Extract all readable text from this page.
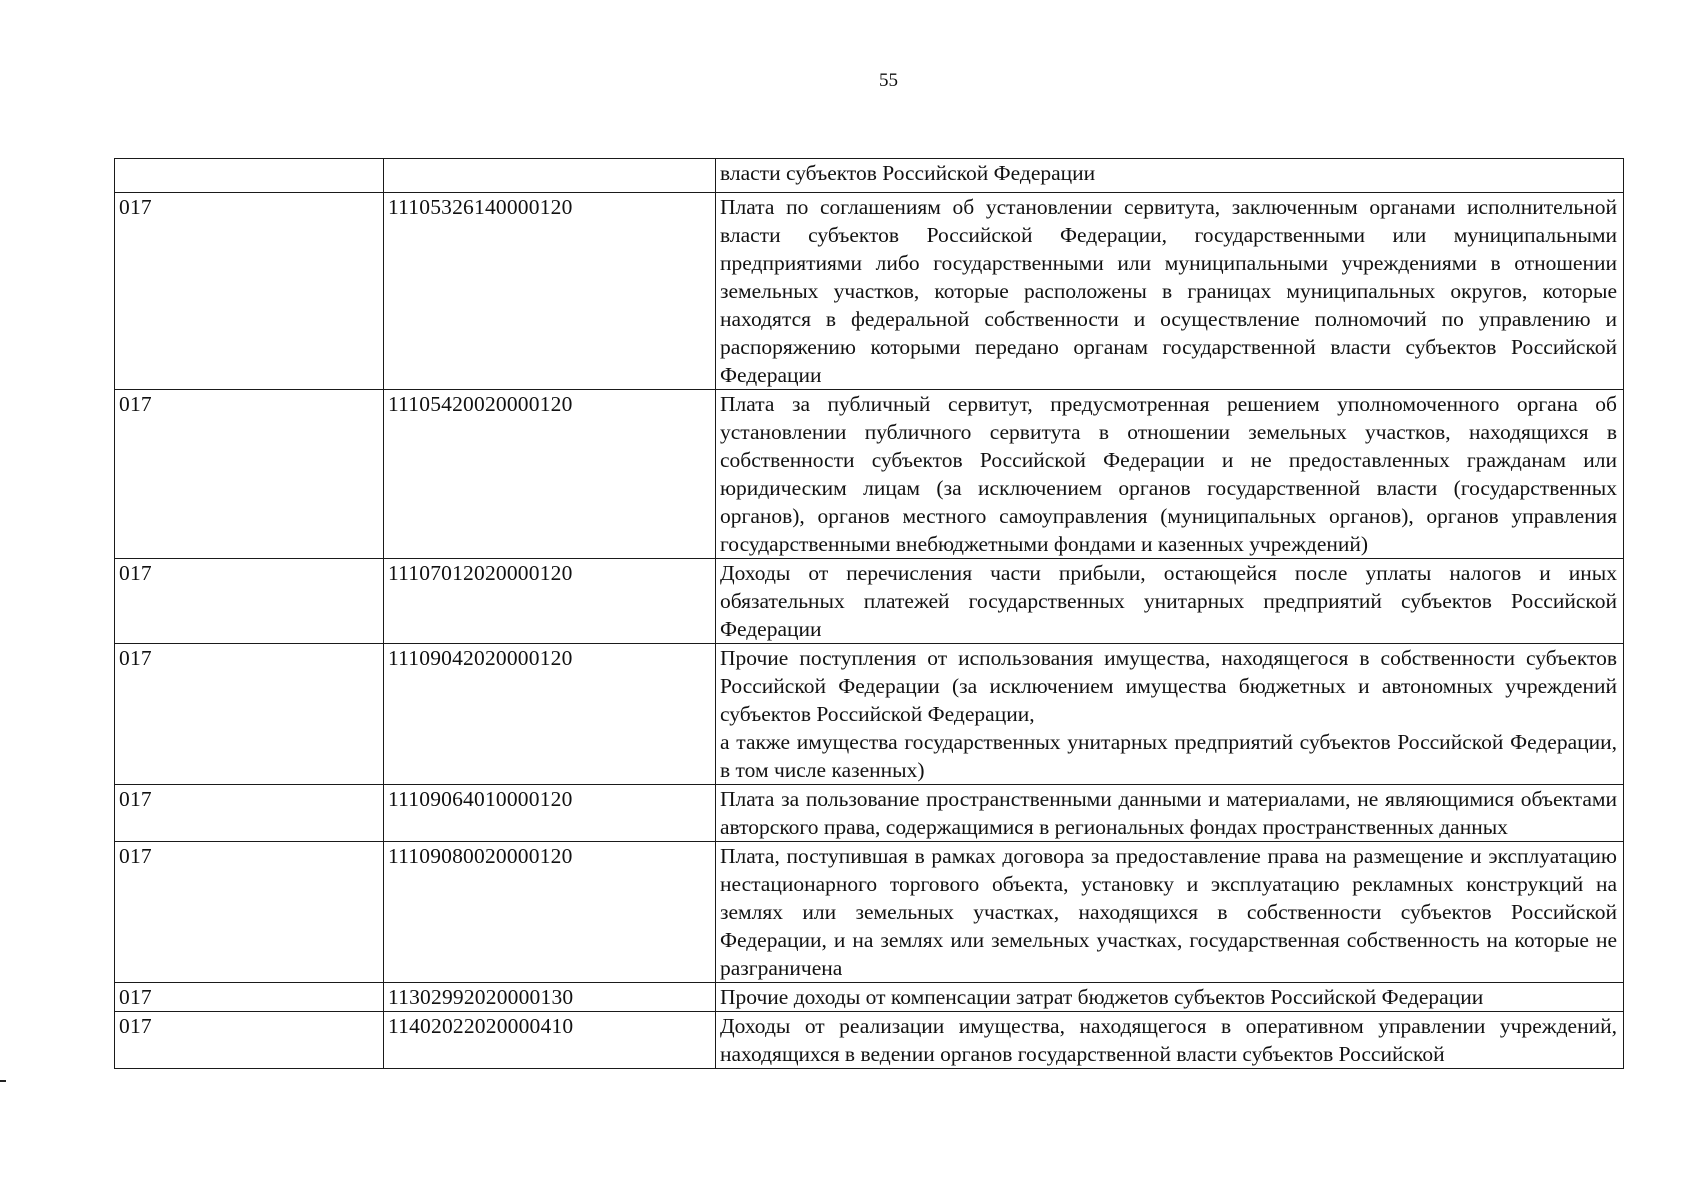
55
		власти субъектов Российской Федерации
017	11105326140000120	Плата по соглашениям об установлении сервитута, заключенным органами исполнительной власти субъектов Российской Федерации, государственными или муниципальными предприятиями либо государственными или муниципальными учреждениями в отношении земельных участков, которые расположены в границах муниципальных округов, которые находятся в федеральной собственности и осуществление полномочий по управлению и распоряжению которыми передано органам государственной власти субъектов Российской Федерации
017	11105420020000120	Плата за публичный сервитут, предусмотренная решением уполномоченного органа об установлении публичного сервитута в отношении земельных участков, находящихся в собственности субъектов Российской Федерации и не предоставленных гражданам или юридическим лицам (за исключением органов государственной власти (государственных органов), органов местного самоуправления (муниципальных органов), органов управления государственными внебюджетными фондами и казенных учреждений)
017	11107012020000120	Доходы от перечисления части прибыли, остающейся после уплаты налогов и иных обязательных платежей государственных унитарных предприятий субъектов Российской Федерации
017	11109042020000120	Прочие поступления от использования имущества, находящегося в собственности субъектов Российской Федерации (за исключением имущества бюджетных и автономных учреждений субъектов Российской Федерации,
а также имущества государственных унитарных предприятий субъектов Российской Федерации, в том числе казенных)
017	11109064010000120	Плата за пользование пространственными данными и материалами, не являющимися объектами авторского права, содержащимися в региональных фондах пространственных данных
017	11109080020000120	Плата, поступившая в рамках договора за предоставление права на размещение и эксплуатацию нестационарного торгового объекта, установку и эксплуатацию рекламных конструкций на землях или земельных участках, находящихся в собственности субъектов Российской Федерации, и на землях или земельных участках, государственная собственность на которые не разграничена
017	11302992020000130	Прочие доходы от компенсации затрат бюджетов субъектов Российской Федерации
017	11402022020000410	Доходы от реализации имущества, находящегося в оперативном управлении учреждений, находящихся в ведении органов государственной власти субъектов Российской
